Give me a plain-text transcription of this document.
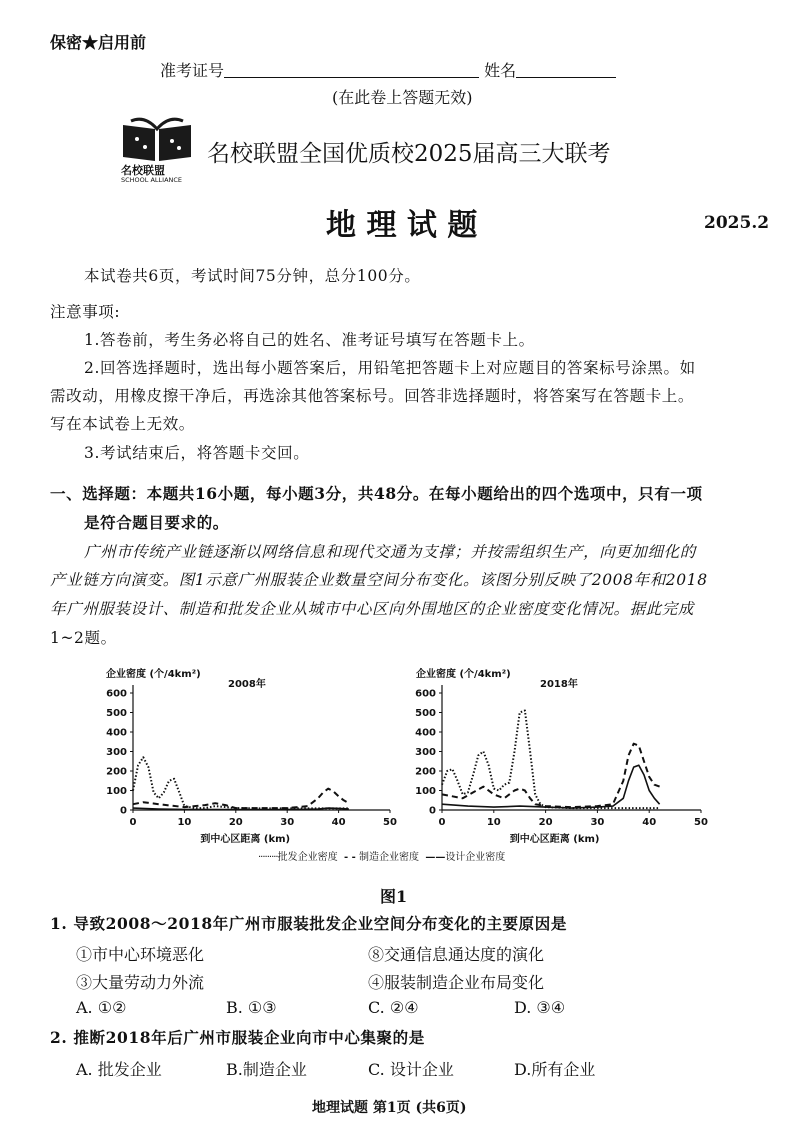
保密★启用前
准考证号	姓名
(在此卷上答题无效)
名校联盟
SCHOOL ALLIANCE
名校联盟全国优质校2025届高三大联考
地 理 试 题	2025.2
本试卷共6页，考试时间75分钟，总分100分。
注意事项:
1.答卷前，考生务必将自己的姓名、准考证号填写在答题卡上。
2.回答选择题时，选出每小题答案后，用铅笔把答题卡上对应题目的答案标号涂黑。如
需改动，用橡皮擦干净后，再选涂其他答案标号。回答非选择题时，将答案写在答题卡上。
写在本试卷上无效。
3.考试结束后，将答题卡交回。
一、选择题：本题共16小题，每小题3分，共48分。在每小题给出的四个选项中，只有一项
是符合题目要求的。
广州市传统产业链逐渐以网络信息和现代交通为支撑；并按需组织生产，向更加细化的
产业链方向演变。图1示意广州服装企业数量空间分布变化。该图分别反映了2008年和2018
年广州服装设计、制造和批发企业从城市中心区向外围地区的企业密度变化情况。据此完成
1~2题。
0
100
200
300
400
500
600
0	10	20	30	40	50
企业密度 (个/4km²)
2008年
到中心区距离 (km)
0
100
200
300
400
500
600
0	10	20	30	40	50
企业密度 (个/4km²)
2018年
到中心区距离 (km)
·········批发企业密度 - - 制造企业密度 ——设计企业密度
图1
1. 导致2008～2018年广州市服装批发企业空间分布变化的主要原因是
①市中心环境恶化	⑧交通信息通达度的演化
③大量劳动力外流	④服装制造企业布局变化
A. ①②	B. ①③	C. ②④	D. ③④
2. 推断2018年后广州市服装企业向市中心集聚的是
A. 批发企业	B.制造企业	C. 设计企业	D.所有企业
地理试题 第1页 (共6页)
